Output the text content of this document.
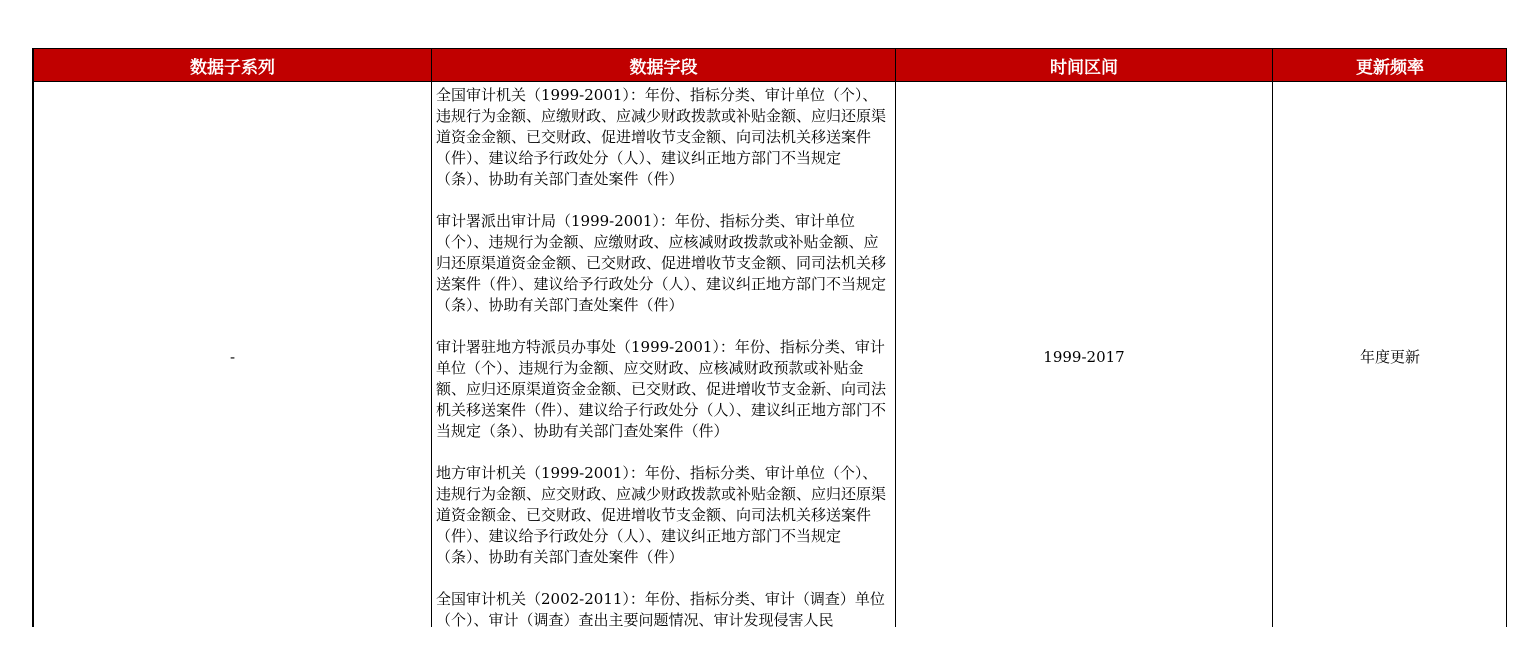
数据子系列	数据字段	时间区间	更新频率
-	全国审计机关（1999-2001）：年份、指标分类、审计单位（个）、违规行为金额、应缴财政、应减少财政拨款或补贴金额、应归还原渠道资金金额、已交财政、促进增收节支金额、向司法机关移送案件（件）、建议给予行政处分（人）、建议纠正地方部门不当规定（条）、协助有关部门查处案件（件）
审计署派出审计局（1999-2001）：年份、指标分类、审计单位（个）、违规行为金额、应缴财政、应核减财政拨款或补贴金额、应归还原渠道资金金额、已交财政、促进增收节支金额、同司法机关移送案件（件）、建议给予行政处分（人）、建议纠正地方部门不当规定（条）、协助有关部门查处案件（件）
审计署驻地方特派员办事处（1999-2001）：年份、指标分类、审计单位（个）、违规行为金额、应交财政、应核减财政预款或补贴金额、应归还原渠道资金金额、已交财政、促进增收节支金新、向司法机关移送案件（件）、建议给子行政处分（人）、建议纠正地方部门不当规定（条）、协助有关部门查处案件（件）
地方审计机关（1999-2001）：年份、指标分类、审计单位（个）、违规行为金额、应交财政、应减少财政拨款或补贴金额、应归还原渠道资金额金、已交财政、促进增收节支金额、向司法机关移送案件（件）、建议给予行政处分（人）、建议纠正地方部门不当规定（条）、协助有关部门查处案件（件）
全国审计机关（2002-2011）：年份、指标分类、审计（调查）单位（个）、审计（调查）查出主要问题情况、审计发现侵害人民	1999-2017	年度更新
